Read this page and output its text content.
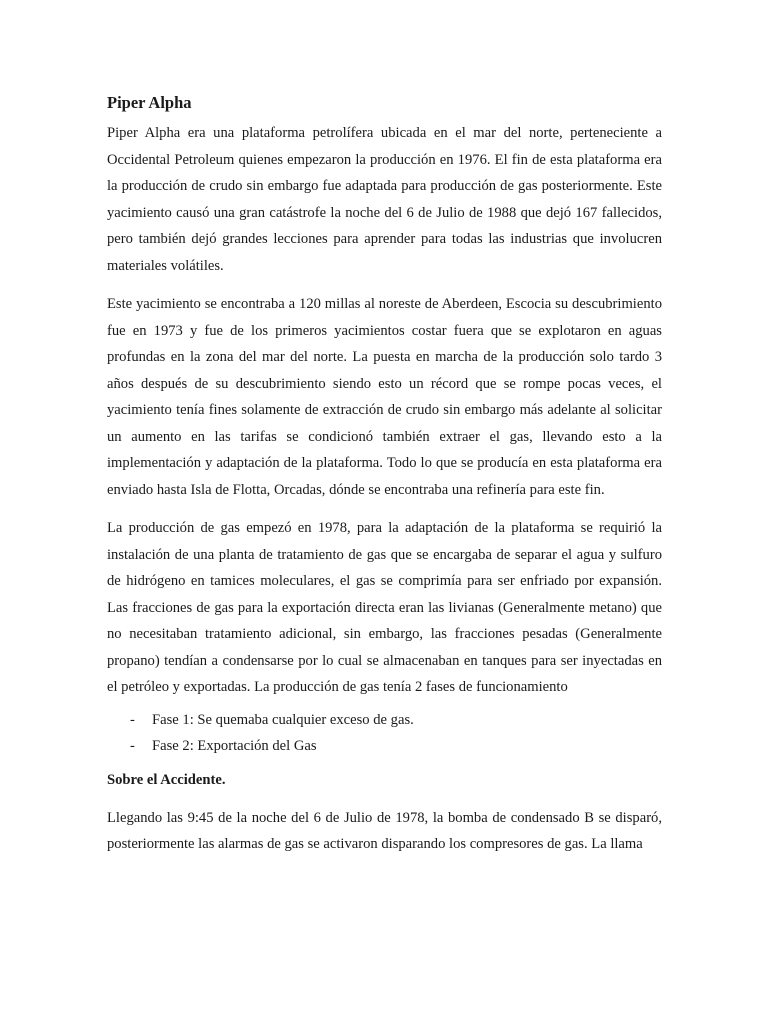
Piper Alpha

Piper Alpha era una plataforma petrolífera ubicada en el mar del norte, perteneciente a Occidental Petroleum quienes empezaron la producción en 1976. El fin de esta plataforma era la producción de crudo sin embargo fue adaptada para producción de gas posteriormente. Este yacimiento causó una gran catástrofe la noche del 6 de Julio de 1988 que dejó 167 fallecidos, pero también dejó grandes lecciones para aprender para todas las industrias que involucren materiales volátiles.

Este yacimiento se encontraba a 120 millas al noreste de Aberdeen, Escocia su descubrimiento fue en 1973 y fue de los primeros yacimientos costar fuera que se explotaron en aguas profundas en la zona del mar del norte. La puesta en marcha de la producción solo tardo 3 años después de su descubrimiento siendo esto un récord que se rompe pocas veces, el yacimiento tenía fines solamente de extracción de crudo sin embargo más adelante al solicitar un aumento en las tarifas se condicionó también extraer el gas, llevando esto a la implementación y adaptación de la plataforma. Todo lo que se producía en esta plataforma era enviado hasta Isla de Flotta, Orcadas, dónde se encontraba una refinería para este fin.

La producción de gas empezó en 1978, para la adaptación de la plataforma se requirió la instalación de una planta de tratamiento de gas que se encargaba de separar el agua y sulfuro de hidrógeno en tamices moleculares, el gas se comprimía para ser enfriado por expansión. Las fracciones de gas para la exportación directa eran las livianas (Generalmente metano) que no necesitaban tratamiento adicional, sin embargo, las fracciones pesadas (Generalmente propano) tendían a condensarse por lo cual se almacenaban en tanques para ser inyectadas en el petróleo y exportadas. La producción de gas tenía 2 fases de funcionamiento

- Fase 1: Se quemaba cualquier exceso de gas.
- Fase 2: Exportación del Gas
Sobre el Accidente.

Llegando las 9:45 de la noche del 6 de Julio de 1978, la bomba de condensado B se disparó, posteriormente las alarmas de gas se activaron disparando los compresores de gas. La llama
